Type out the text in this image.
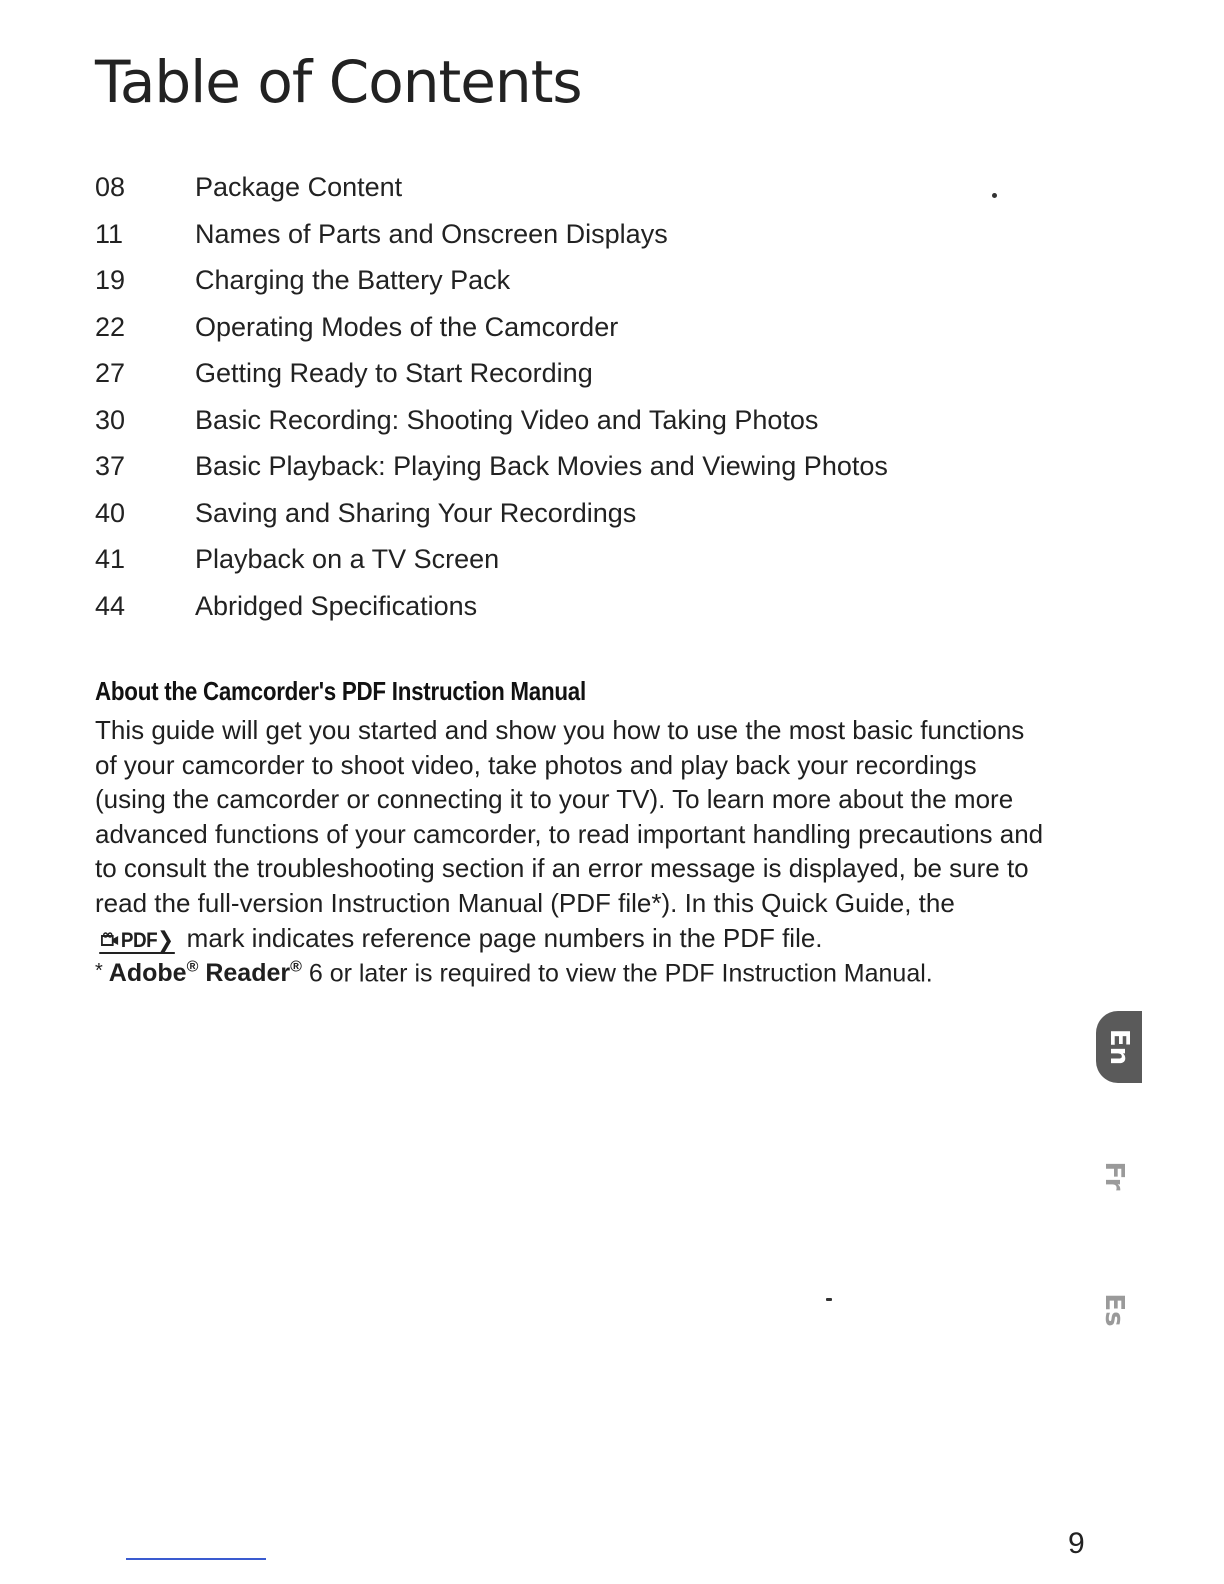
Table of Contents
08	Package Content
11	Names of Parts and Onscreen Displays
19	Charging the Battery Pack
22	Operating Modes of the Camcorder
27	Getting Ready to Start Recording
30	Basic Recording: Shooting Video and Taking Photos
37	Basic Playback: Playing Back Movies and Viewing Photos
40	Saving and Sharing Your Recordings
41	Playback on a TV Screen
44	Abridged Specifications
About the Camcorder's PDF Instruction Manual

This guide will get you started and show you how to use the most basic functions of your camcorder to shoot video, take photos and play back your recordings (using the camcorder or connecting it to your TV). To learn more about the more advanced functions of your camcorder, to read important handling precautions and to consult the troubleshooting section if an error message is displayed, be sure to read the full-version Instruction Manual (PDF file*). In this Quick Guide, the PDF❯ mark indicates reference page numbers in the PDF file.

* Adobe® Reader® 6 or later is required to view the PDF Instruction Manual.

En
Fr
Es
9
